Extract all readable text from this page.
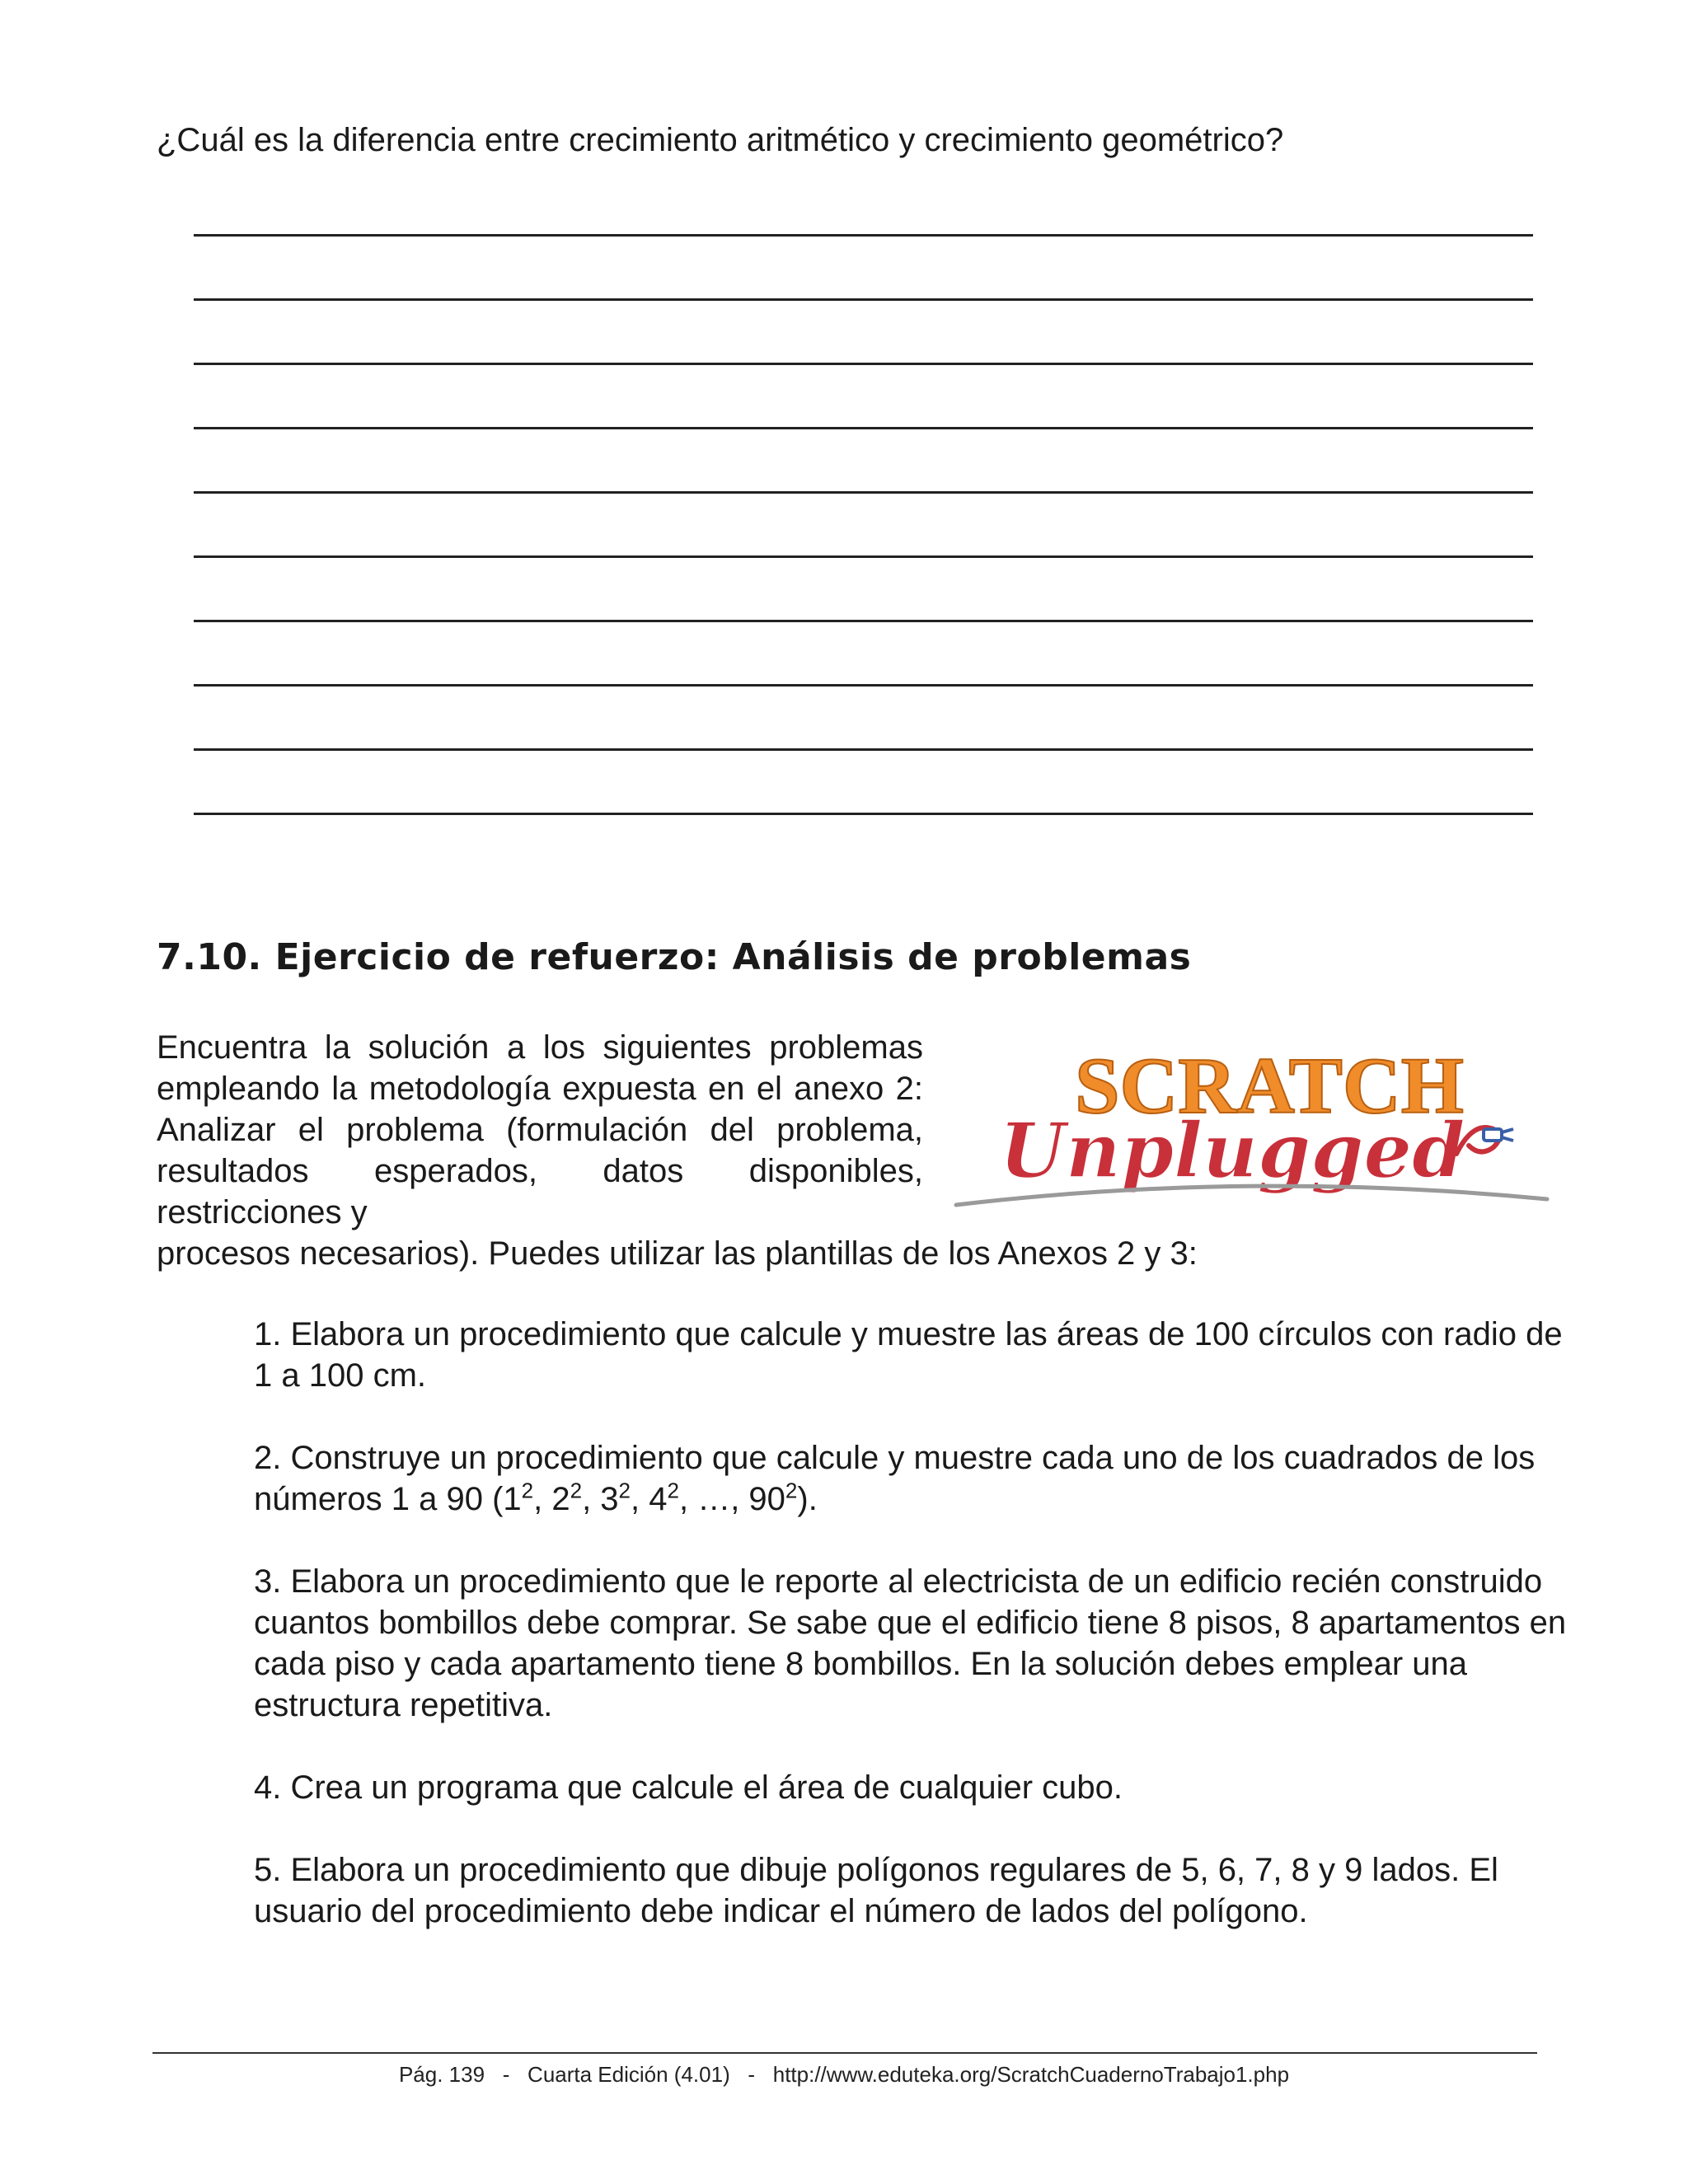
¿Cuál es la diferencia entre crecimiento aritmético y crecimiento geométrico?

7.10. Ejercicio de refuerzo: Análisis de problemas

Encuentra la solución a los siguientes problemas empleando la metodología expuesta en el anexo 2: Analizar el problema (formulación del problema, resultados esperados, datos disponibles, restricciones y

procesos necesarios). Puedes utilizar las plantillas de los Anexos 2 y 3:

SCRATCH
Unplugged
1. Elabora un procedimiento que calcule y muestre las áreas de 100 círculos con radio de 1 a 100 cm.
2. Construye un procedimiento que calcule y muestre cada uno de los cuadrados de los números 1 a 90 ($1^2$, $2^2$, $3^2$, $4^2$, …, $90^2$).
3. Elabora un procedimiento que le reporte al electricista de un edificio recién construido cuantos bombillos debe comprar. Se sabe que el edificio tiene 8 pisos, 8 apartamentos en cada piso y cada apartamento tiene 8 bombillos. En la solución debes emplear una estructura repetitiva.
4. Crea un programa que calcule el área de cualquier cubo.
5. Elabora un procedimiento que dibuje polígonos regulares de 5, 6, 7, 8 y 9 lados. El usuario del procedimiento debe indicar el número de lados del polígono.
Pág. 139   -   Cuarta Edición (4.01)   -   http://www.eduteka.org/ScratchCuadernoTrabajo1.php
